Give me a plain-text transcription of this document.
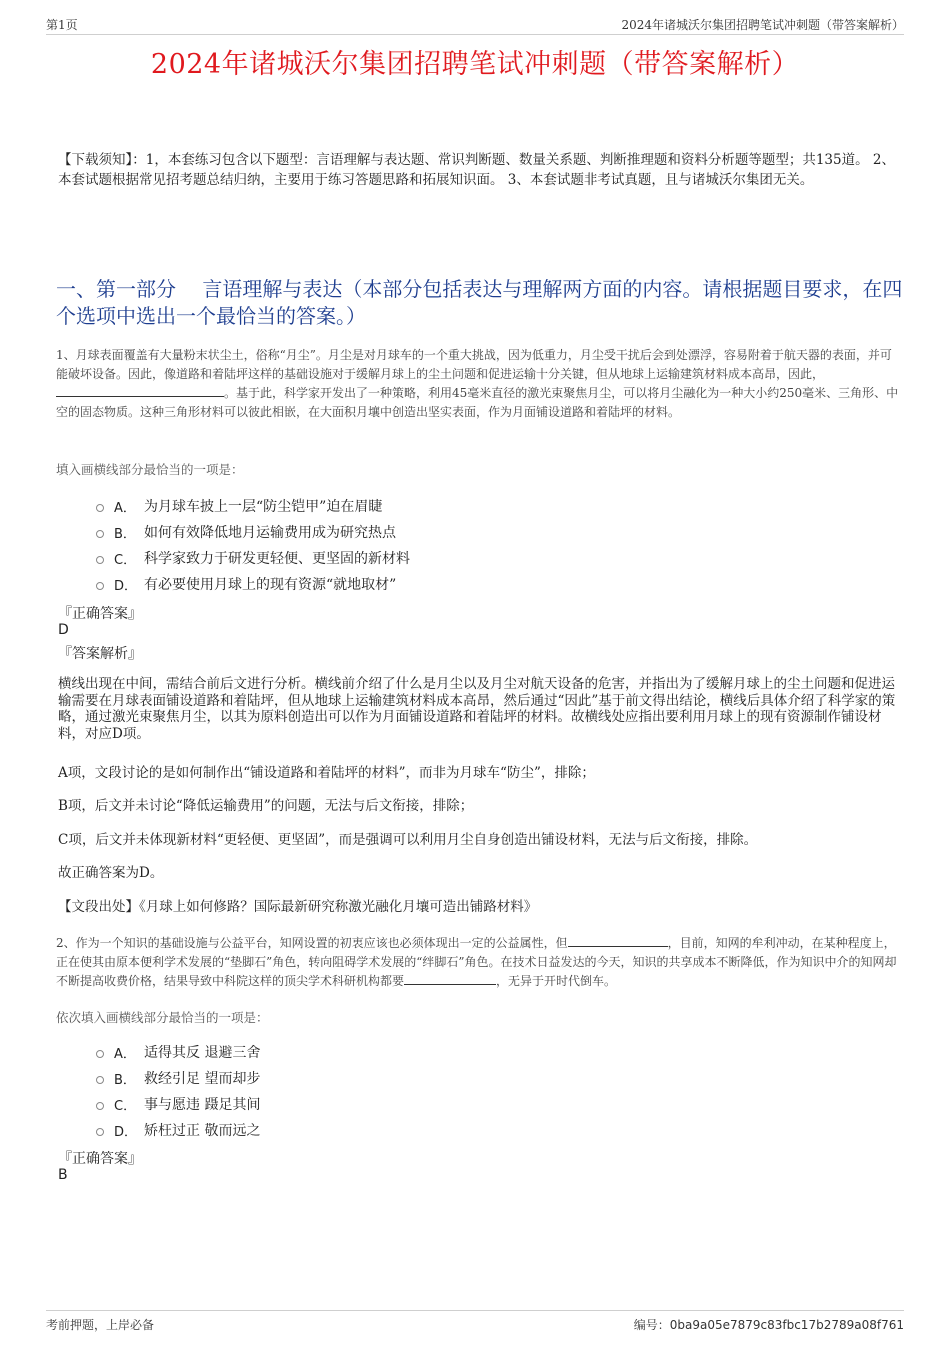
第1页	2024年诸城沃尔集团招聘笔试冲刺题（带答案解析）
2024年诸城沃尔集团招聘笔试冲刺题（带答案解析）
【下载须知】：1，本套练习包含以下题型：言语理解与表达题、常识判断题、数量关系题、判断推理题和资料分析题等题型；共135道。 2、本套试题根据常见招考题总结归纳，主要用于练习答题思路和拓展知识面。 3、本套试题非考试真题，且与诸城沃尔集团无关。
一、第一部分　 言语理解与表达（本部分包括表达与理解两方面的内容。请根据题目要求，在四个选项中选出一个最恰当的答案。）
1、月球表面覆盖有大量粉末状尘土，俗称“月尘”。月尘是对月球车的一个重大挑战，因为低重力，月尘受干扰后会到处漂浮，容易附着于航天器的表面，并可能破坏设备。因此，像道路和着陆坪这样的基础设施对于缓解月球上的尘土问题和促进运输十分关键，但从地球上运输建筑材料成本高昂，因此，。基于此，科学家开发出了一种策略，利用45毫米直径的激光束聚焦月尘，可以将月尘融化为一种大小约250毫米、三角形、中空的固态物质。这种三角形材料可以彼此相嵌，在大面积月壤中创造出坚实表面，作为月面铺设道路和着陆坪的材料。
填入画横线部分最恰当的一项是：
A． 为月球车披上一层“防尘铠甲”迫在眉睫
B． 如何有效降低地月运输费用成为研究热点
C． 科学家致力于研发更轻便、更坚固的新材料
D． 有必要使用月球上的现有资源“就地取材”
『正确答案』
D
『答案解析』
横线出现在中间，需结合前后文进行分析。横线前介绍了什么是月尘以及月尘对航天设备的危害，并指出为了缓解月球上的尘土问题和促进运输需要在月球表面铺设道路和着陆坪，但从地球上运输建筑材料成本高昂，然后通过“因此”基于前文得出结论，横线后具体介绍了科学家的策略，通过激光束聚焦月尘，以其为原料创造出可以作为月面铺设道路和着陆坪的材料。故横线处应指出要利用月球上的现有资源制作铺设材料，对应D项。
A项，文段讨论的是如何制作出“铺设道路和着陆坪的材料”，而非为月球车“防尘”，排除；
B项，后文并未讨论“降低运输费用”的问题，无法与后文衔接，排除；
C项，后文并未体现新材料“更轻便、更坚固”，而是强调可以利用月尘自身创造出铺设材料，无法与后文衔接，排除。
故正确答案为D。
【文段出处】《月球上如何修路？国际最新研究称激光融化月壤可造出铺路材料》
2、作为一个知识的基础设施与公益平台，知网设置的初衷应该也必须体现出一定的公益属性，但	，目前，知网的牟利冲动，在某种程度上，正在使其由原本便利学术发展的“垫脚石”角色，转向阻碍学术发展的“绊脚石”角色。在技术日益发达的今天，知识的共享成本不断降低，作为知识中介的知网却不断提高收费价格，结果导致中科院这样的顶尖学术科研机构都要	，无异于开时代倒车。
依次填入画横线部分最恰当的一项是：
A． 适得其反 退避三舍
B． 救经引足 望而却步
C． 事与愿违 蹑足其间
D． 矫枉过正 敬而远之
『正确答案』
B
考前押题，上岸必备	编号：0ba9a05e7879c83fbc17b2789a08f761
